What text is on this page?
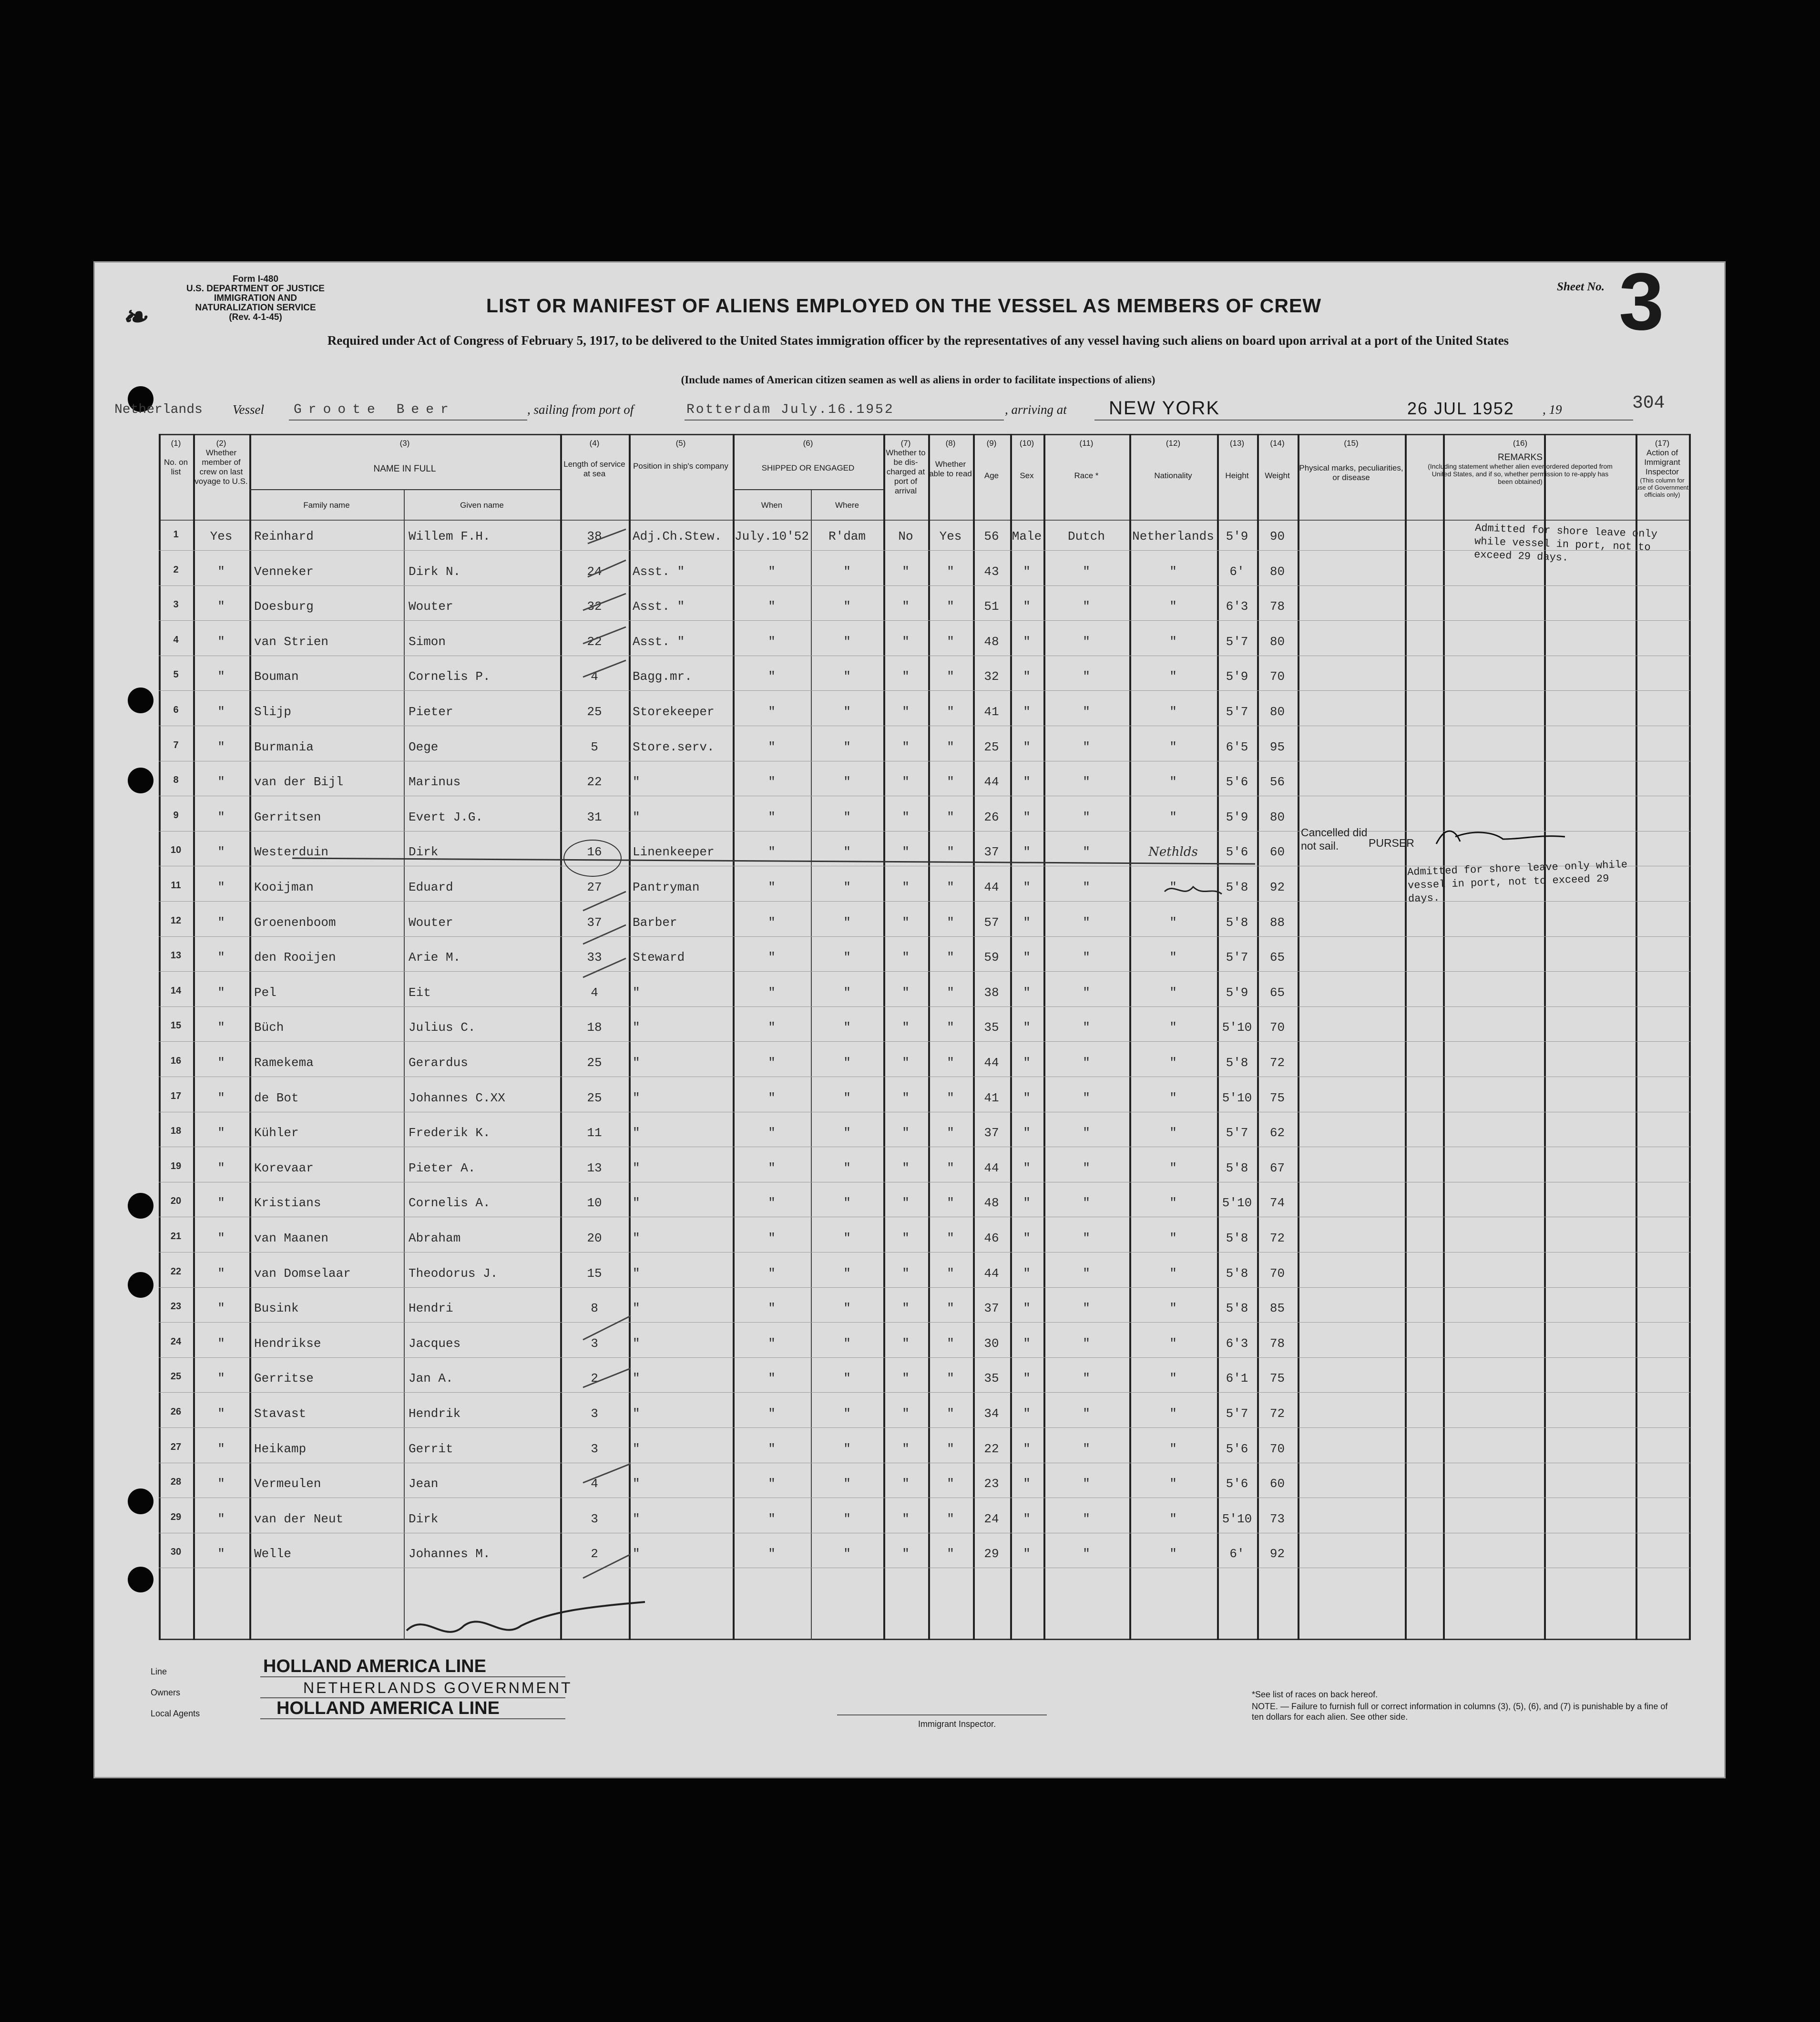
❧
Form I-480
U.S. DEPARTMENT OF JUSTICE
IMMIGRATION AND NATURALIZATION SERVICE
(Rev. 4-1-45)
LIST OR MANIFEST OF ALIENS EMPLOYED ON THE VESSEL AS MEMBERS OF CREW
Required under Act of Congress of February 5, 1917, to be delivered to the United States immigration officer by the representatives of any vessel having such aliens on board upon arrival at a port of the United States
(Include names of American citizen seamen as well as aliens in order to facilitate inspections of aliens)
Sheet No. 3
304
Netherlands Vessel Groote Beer	, sailing from port of	Rotterdam July.16.1952	, arriving at NEW YORK	26 JUL 1952 , 19
(1)
No. on list
(2)
Whether member of crew on last voyage to U.S.
(3)
NAME IN FULL
Family name	Given name
(4)
Length of service at sea
(5)
Position in ship's company
(6)
SHIPPED OR ENGAGED
When	Where
(7)
Whether to be dis-charged at port of arrival
(8)
Whether able to read
(9)
Age
(10)
Sex
(11)
Race *
(12)
Nationality
(13)
Height
(14)
Weight
(15)
Physical marks, peculiarities, or disease
(16)
REMARKS
(Including statement whether alien ever ordered deported from United States, and if so, whether permission to re-apply has been obtained)
(17)
Action of Immigrant Inspector
(This column for use of Government officials only)
1	Yes	Reinhard	Willem F.H.	38	Adj.Ch.Stew.	July.10'52	R'dam	No	Yes	56	Male	Dutch	Netherlands 5'9	90
2	"	Venneker	Dirk N.	24	Asst. "	"	"	"	"	43	"	"	"	6'	80
3	"	Doesburg	Wouter	32	Asst. "	"	"	"	"	51	"	"	"	6'3	78
4	"	van Strien	Simon	22	Asst. "	"	"	"	"	48	"	"	"	5'7	80
5	"	Bouman	Cornelis P.	4	Bagg.mr.	"	"	"	"	32	"	"	"	5'9	70
6	"	Slijp	Pieter	25	Storekeeper	"	"	"	"	41	"	"	"	5'7	80
7	"	Burmania	Oege	5	Store.serv.	"	"	"	"	25	"	"	"	6'5	95
8	"	van der Bijl	Marinus	22	"	"	"	"	"	44	"	"	"	5'6	56
9	"	Gerritsen	Evert J.G.	31	"	"	"	"	"	26	"	"	"	5'9	80
10	"	Westerduin	Dirk	16	Linenkeeper	"	"	"	"	37	"	"	Nethlds	5'6	60
11	"	Kooijman	Eduard	27	Pantryman	"	"	"	"	44	"	"	"	5'8	92
12	"	Groenenboom	Wouter	37	Barber	"	"	"	"	57	"	"	"	5'8	88
13	"	den Rooijen	Arie M.	33	Steward	"	"	"	"	59	"	"	"	5'7	65
14	"	Pel	Eit	4	"	"	"	"	"	38	"	"	"	5'9	65
15	"	Büch	Julius C.	18	"	"	"	"	"	35	"	"	"	5'10	70
16	"	Ramekema	Gerardus	25	"	"	"	"	"	44	"	"	"	5'8	72
17	"	de Bot	Johannes C.XX	25	"	"	"	"	"	41	"	"	"	5'10	75
18	"	Kühler	Frederik K.	11	"	"	"	"	"	37	"	"	"	5'7	62
19	"	Korevaar	Pieter A.	13	"	"	"	"	"	44	"	"	"	5'8	67
20	"	Kristians	Cornelis A.	10	"	"	"	"	"	48	"	"	"	5'10	74
21	"	van Maanen	Abraham	20	"	"	"	"	"	46	"	"	"	5'8	72
22	"	van Domselaar	Theodorus J.	15	"	"	"	"	"	44	"	"	"	5'8	70
23	"	Busink	Hendri	8	"	"	"	"	"	37	"	"	"	5'8	85
24	"	Hendrikse	Jacques	3	"	"	"	"	"	30	"	"	"	6'3	78
25	"	Gerritse	Jan A.	2	"	"	"	"	"	35	"	"	"	6'1	75
26	"	Stavast	Hendrik	3	"	"	"	"	"	34	"	"	"	5'7	72
27	"	Heikamp	Gerrit	3	"	"	"	"	"	22	"	"	"	5'6	70
28	"	Vermeulen	Jean	4	"	"	"	"	"	23	"	"	"	5'6	60
29	"	van der Neut	Dirk	3	"	"	"	"	"	24	"	"	"	5'10	73
30	"	Welle	Johannes M.	2	"	"	"	"	"	29	"	"	"	6'	92
Admitted for shore leave only while vessel in port, not to exceed 29 days.
Cancelled did not sail.	PURSER
Admitted for shore leave only while vessel in port, not to exceed 29 days.
Line	HOLLAND AMERICA LINE
Owners	NETHERLANDS GOVERNMENT
Local Agents	HOLLAND AMERICA LINE
Immigrant Inspector.
*See list of races on back hereof.
NOTE. — Failure to furnish full or correct information in columns (3), (5), (6), and (7) is punishable by a fine of ten dollars for each alien. See other side.
